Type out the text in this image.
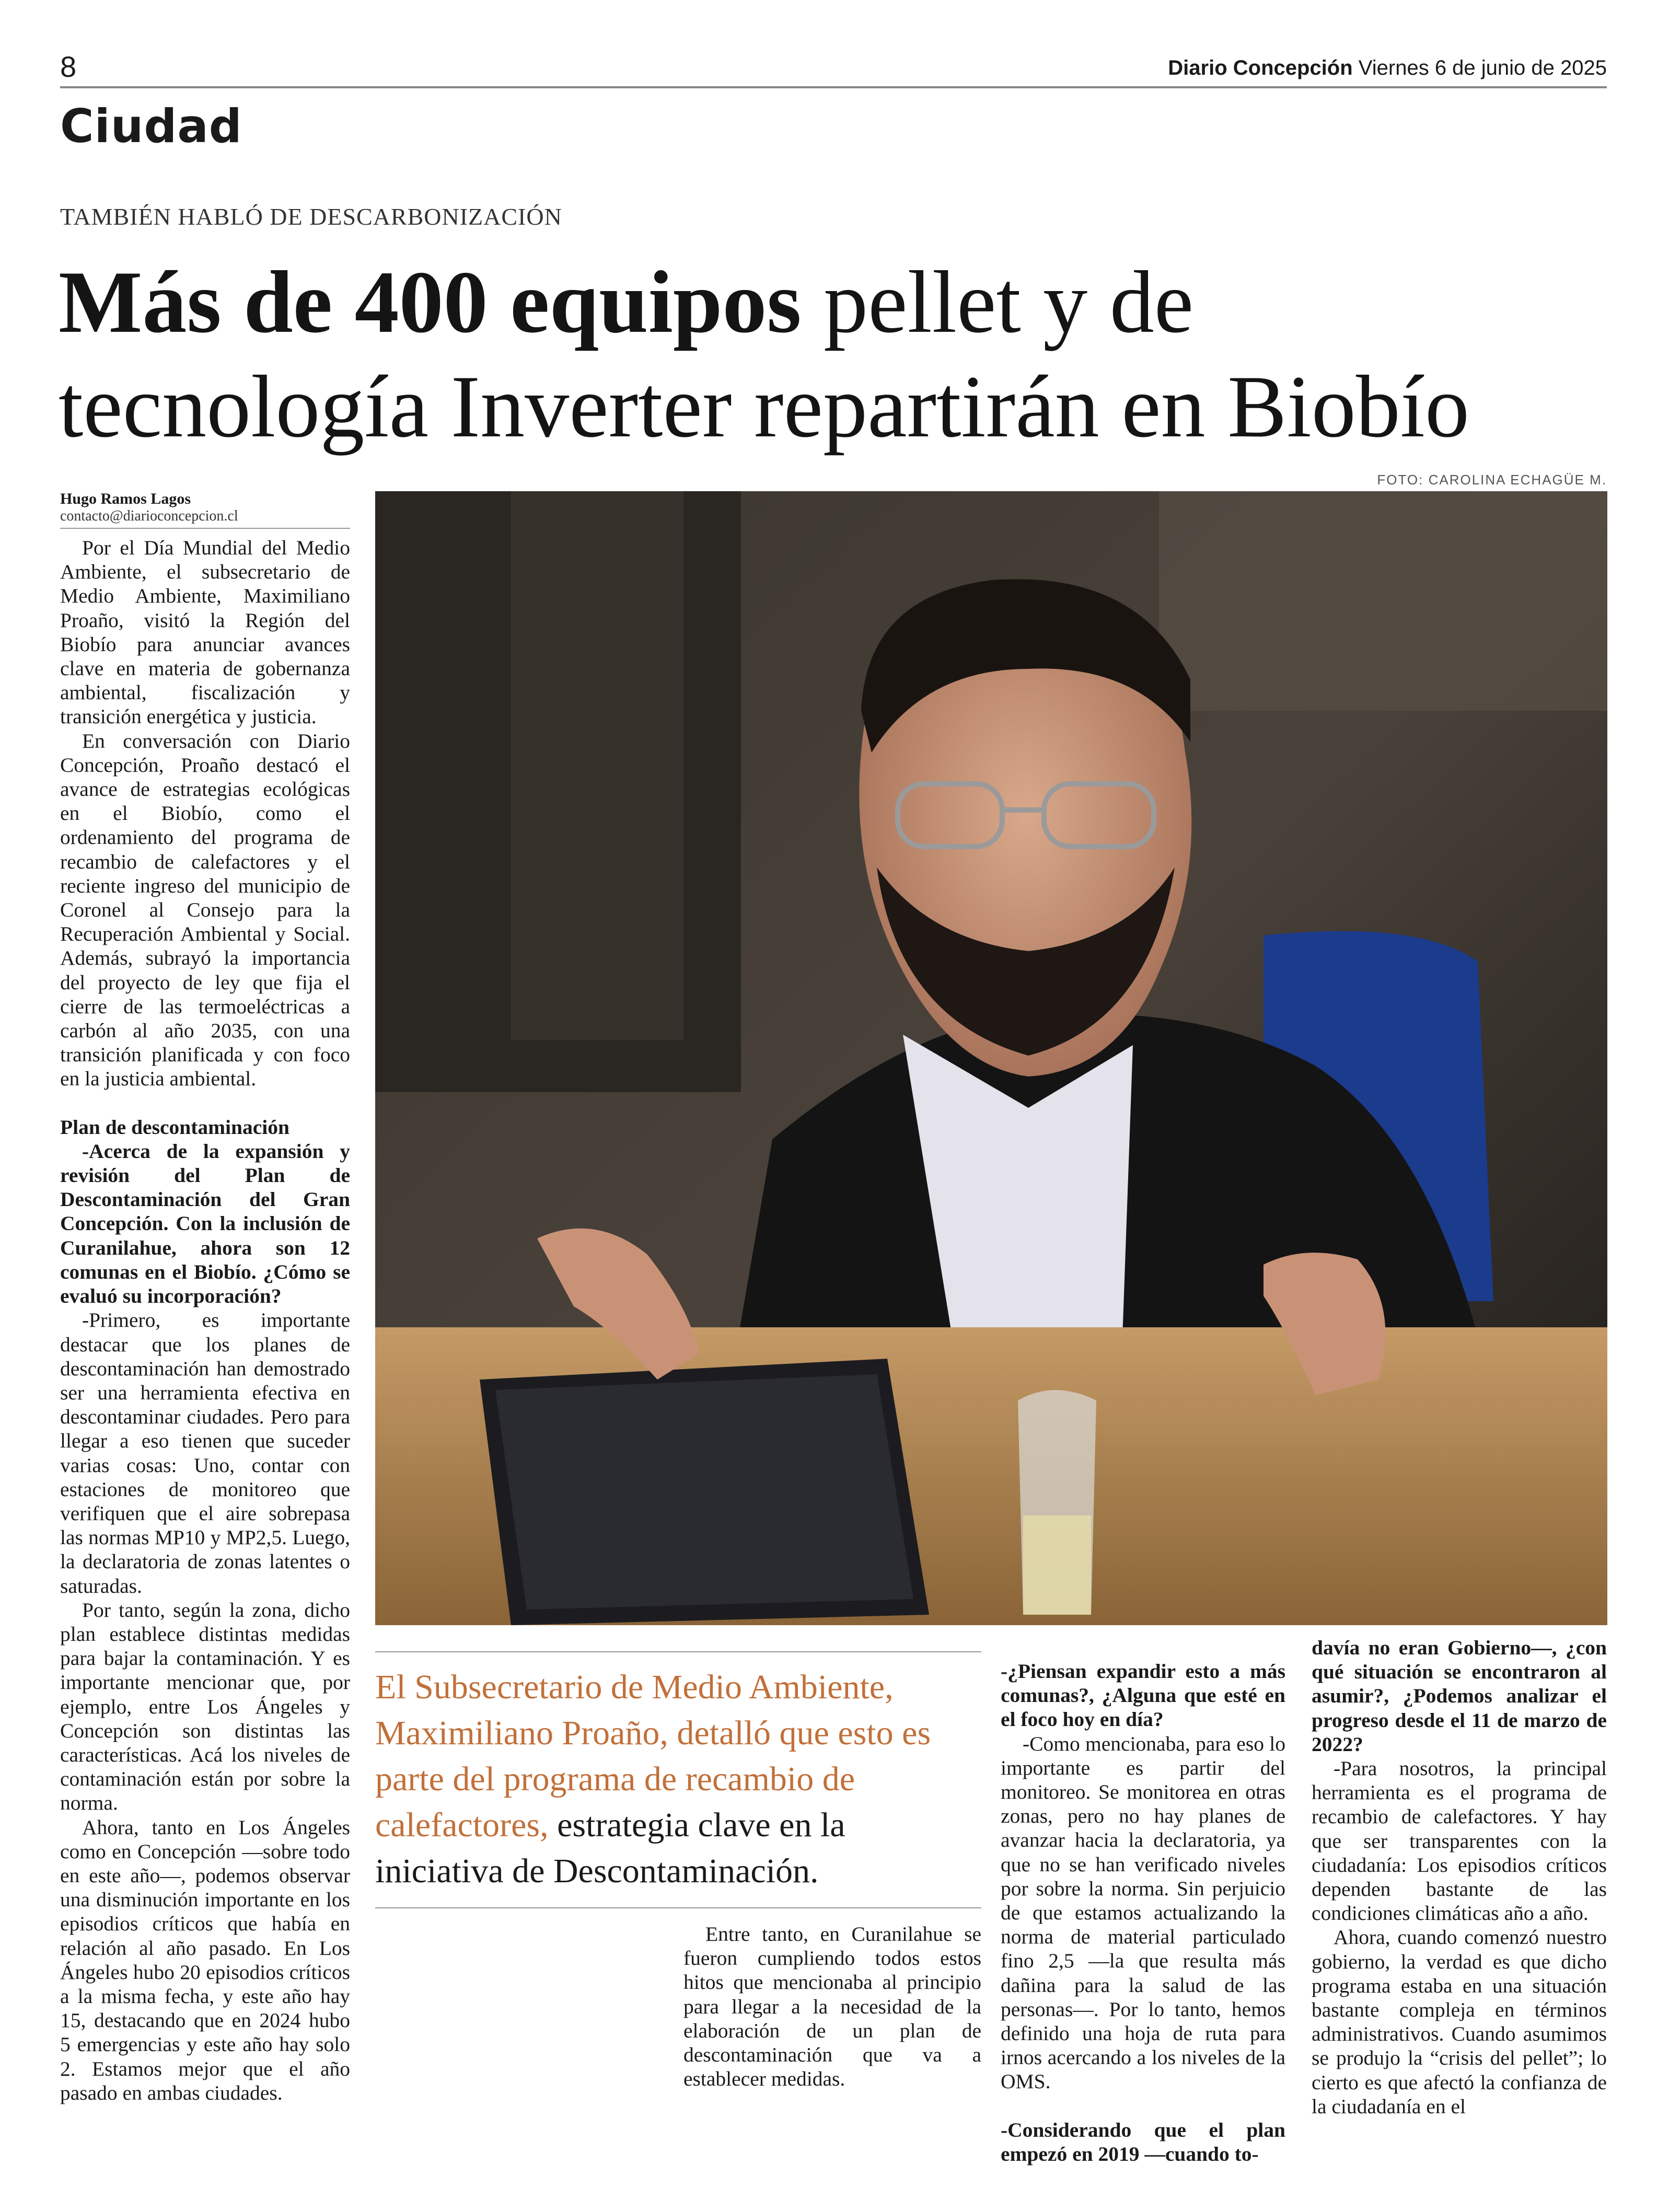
8	Diario Concepción Viernes 6 de junio de 2025
Ciudad
TAMBIÉN HABLÓ DE DESCARBONIZACIÓN
Más de 400 equipos pellet y de
tecnología Inverter repartirán en Biobío
Hugo Ramos Lagos
contacto@diarioconcepcion.cl
FOTO: CAROLINA ECHAGÜE M.

Por el Día Mundial del Medio Ambiente, el subsecretario de Medio Ambiente, Maximiliano Proaño, visitó la Región del Biobío para anunciar avances clave en materia de gobernanza ambiental, fiscalización y transición energética y justicia.

En conversación con Diario Concepción, Proaño destacó el avance de estrategias ecológicas en el Biobío, como el ordenamiento del programa de recambio de calefactores y el reciente ingreso del municipio de Coronel al Consejo para la Recuperación Ambiental y Social. Además, subrayó la importancia del proyecto de ley que fija el cierre de las termoeléctricas a carbón al año 2035, con una transición planificada y con foco en la justicia ambiental.

Plan de descontaminación

-Acerca de la expansión y revisión del Plan de Descontaminación del Gran Concepción. Con la inclusión de Curanilahue, ahora son 12 comunas en el Biobío. ¿Cómo se evaluó su incorporación?

-Primero, es importante destacar que los planes de descontaminación han demostrado ser una herramienta efectiva en descontaminar ciudades. Pero para llegar a eso tienen que suceder varias cosas: Uno, contar con estaciones de monitoreo que verifiquen que el aire sobrepasa las normas MP10 y MP2,5. Luego, la declaratoria de zonas latentes o saturadas.

Por tanto, según la zona, dicho plan establece distintas medidas para bajar la contaminación. Y es importante mencionar que, por ejemplo, entre Los Ángeles y Concepción son distintas las características. Acá los niveles de contaminación están por sobre la norma.

Ahora, tanto en Los Ángeles como en Concepción —sobre todo en este año—, podemos observar una disminución importante en los episodios críticos que había en relación al año pasado. En Los Ángeles hubo 20 episodios críticos a la misma fecha, y este año hay 15, destacando que en 2024 hubo 5 emergencias y este año hay solo 2. Estamos mejor que el año pasado en ambas ciudades.

El Subsecretario de Medio Ambiente, Maximiliano Proaño, detalló que esto es parte del programa de recambio de calefactores, estrategia clave en la iniciativa de Descontaminación.

Entre tanto, en Curanilahue se fueron cumpliendo todos estos hitos que mencionaba al principio para llegar a la necesidad de la elaboración de un plan de descontaminación que va a establecer medidas.

-¿Piensan expandir esto a más comunas?, ¿Alguna que esté en el foco hoy en día?

-Como mencionaba, para eso lo importante es partir del monitoreo. Se monitorea en otras zonas, pero no hay planes de avanzar hacia la declaratoria, ya que no se han verificado niveles por sobre la norma. Sin perjuicio de que estamos actualizando la norma de material particulado fino 2,5 —la que resulta más dañina para la salud de las personas—. Por lo tanto, hemos definido una hoja de ruta para irnos acercando a los niveles de la OMS.

-Considerando que el plan empezó en 2019 —cuando to-

davía no eran Gobierno—, ¿con qué situación se encontraron al asumir?, ¿Podemos analizar el progreso desde el 11 de marzo de 2022?

-Para nosotros, la principal herramienta es el programa de recambio de calefactores. Y hay que ser transparentes con la ciudadanía: Los episodios críticos dependen bastante de las condiciones climáticas año a año.

Ahora, cuando comenzó nuestro gobierno, la verdad es que dicho programa estaba en una situación bastante compleja en términos administrativos. Cuando asumimos se produjo la “crisis del pellet”; lo cierto es que afectó la confianza de la ciudadanía en el
